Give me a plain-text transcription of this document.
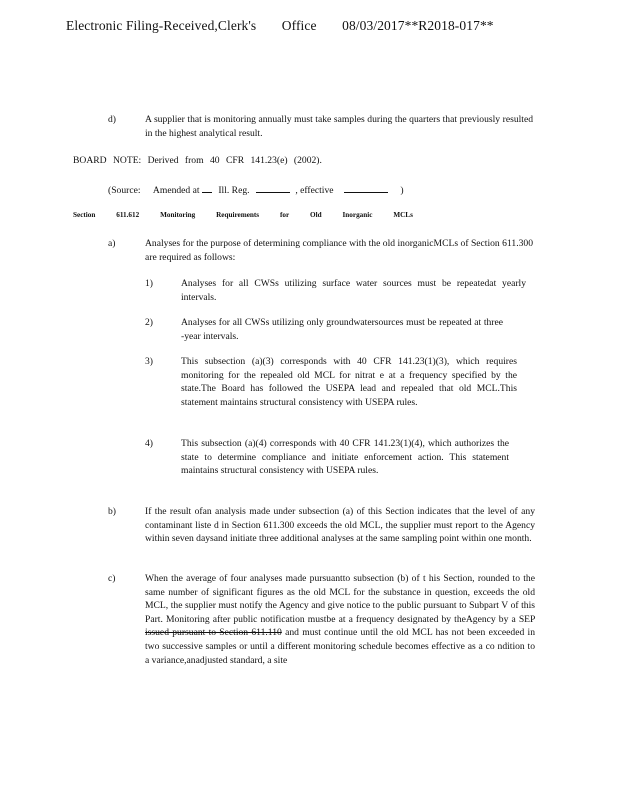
Electronic Filing-Received,Clerk's Office 08/03/2017**R2018-017**
d)	A supplier that is monitoring annually must take samples during the quarters that previously resulted in the highest analytical result.
BOARD NOTE: Derived from 40 CFR 141.23(e) (2002).
(Source: Amended at Ill. Reg.	, effective	)
Section	611.612	Monitoring	Requirements	for	Old	Inorganic	MCLs
a)	Analyses for the purpose of determining compliance with the old inorganicMCLs of Section 611.300 are required as follows:
1)	Analyses for all CWSs utilizing surface water sources must be repeatedat yearly intervals.
2)	Analyses for all CWSs utilizing only groundwatersources must be repeated at three -year intervals.
3)	This subsection (a)(3) corresponds with 40 CFR 141.23(1)(3), which requires monitoring for the repealed old MCL for nitrat e at a frequency specified by the state.The Board has followed the USEPA lead and repealed that old MCL.This statement maintains structural consistency with USEPA rules.
4)	This subsection (a)(4) corresponds with 40 CFR 141.23(1)(4), which authorizes the state to determine compliance and initiate enforcement action. This statement maintains structural consistency with USEPA rules.
b)	If the result ofan analysis made under subsection (a) of this Section indicates that the level of any contaminant liste d in Section 611.300 exceeds the old MCL, the supplier must report to the Agency within seven daysand initiate three additional analyses at the same sampling point within one month.
c)	When the average of four analyses made pursuantto subsection (b) of t his Section, rounded to the same number of significant figures as the old MCL for the substance in question, exceeds the old MCL, the supplier must notify the Agency and give notice to the public pursuant to Subpart V of this Part. Monitoring after public notification mustbe at a frequency designated by theAgency by a SEP issued pursuant to Section 611.110 and must continue until the old MCL has not been exceeded in two successive samples or until a different monitoring schedule becomes effective as a co ndition to a variance,anadjusted standard, a site
